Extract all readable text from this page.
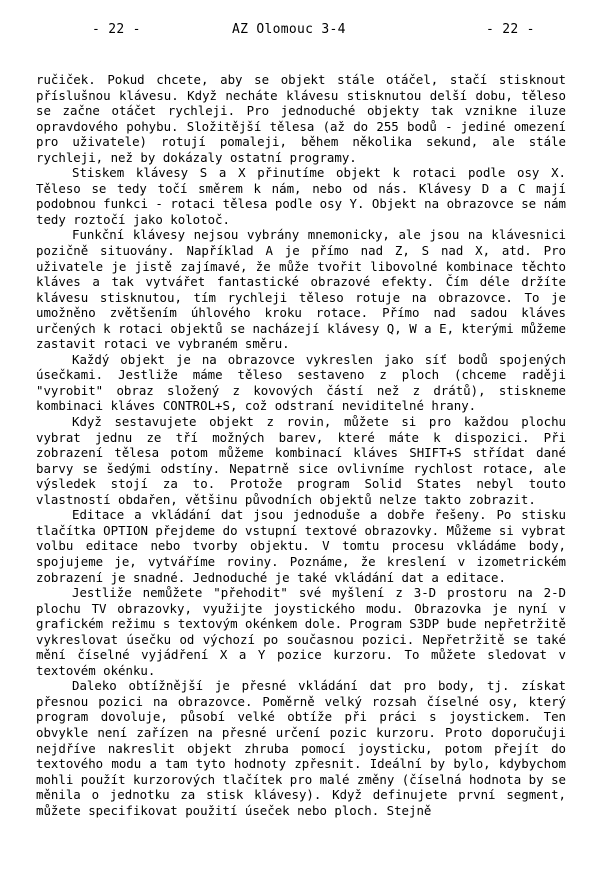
- 22 -	AZ Olomouc 3-4	- 22 -

ručiček. Pokud chcete, aby se objekt stále otáčel, stačí stisknout příslušnou klávesu. Když necháte klávesu stisknutou delší dobu, těleso se začne otáčet rychleji. Pro jednoduché objekty tak vznikne iluze opravdového pohybu. Složitější tělesa (až do 255 bodů - jediné omezení pro uživatele) rotují pomaleji, během několika sekund, ale stále rychleji, než by dokázaly ostatní programy.

Stiskem klávesy S a X přinutíme objekt k rotaci podle osy X. Těleso se tedy točí směrem k nám, nebo od nás. Klávesy D a C mají podobnou funkci - rotaci tělesa podle osy Y. Objekt na obrazovce se nám tedy roztočí jako kolotoč.

Funkční klávesy nejsou vybrány mnemonicky, ale jsou na klávesnici pozičně situovány. Například A je přímo nad Z, S nad X, atd. Pro uživatele je jistě zajímavé, že může tvořit libovolné kombinace těchto kláves a tak vytvářet fantastické obrazové efekty. Čím déle držíte klávesu stisknutou, tím rychleji těleso rotuje na obrazovce. To je umožněno zvětšením úhlového kroku rotace. Přímo nad sadou kláves určených k rotaci objektů se nacházejí klávesy Q, W a E, kterými můžeme zastavit rotaci ve vybraném směru.

Každý objekt je na obrazovce vykreslen jako síť bodů spojených úsečkami. Jestliže máme těleso sestaveno z ploch (chceme raději "vyrobit" obraz složený z kovových částí než z drátů), stiskneme kombinaci kláves CONTROL+S, což odstraní neviditelné hrany.

Když sestavujete objekt z rovin, můžete si pro každou plochu vybrat jednu ze tří možných barev, které máte k dispozici. Při zobrazení tělesa potom můžeme kombinací kláves SHIFT+S střídat dané barvy se šedými odstíny. Nepatrně sice ovlivníme rychlost rotace, ale výsledek stojí za to. Protože program Solid States nebyl touto vlastností obdařen, většinu původních objektů nelze takto zobrazit.

Editace a vkládání dat jsou jednoduše a dobře řešeny. Po stisku tlačítka OPTION přejdeme do vstupní textové obrazovky. Můžeme si vybrat volbu editace nebo tvorby objektu. V tomtu procesu vkládáme body, spojujeme je, vytváříme roviny. Poznáme, že kreslení v izometrickém zobrazení je snadné. Jednoduché je také vkládání dat a editace.

Jestliže nemůžete "přehodit" své myšlení z 3-D prostoru na 2-D plochu TV obrazovky, využijte joystického modu. Obrazovka je nyní v grafickém režimu s textovým okénkem dole. Program S3DP bude nepřetržitě vykreslovat úsečku od výchozí po současnou pozici. Nepřetržitě se také mění číselné vyjádření X a Y pozice kurzoru. To můžete sledovat v textovém okénku.

Daleko obtížnější je přesné vkládání dat pro body, tj. získat přesnou pozici na obrazovce. Poměrně velký rozsah číselné osy, který program dovoluje, působí velké obtíže při práci s joystickem. Ten obvykle není zařízen na přesné určení pozic kurzoru. Proto doporučuji nejdříve nakreslit objekt zhruba pomocí joysticku, potom přejít do textového modu a tam tyto hodnoty zpřesnit. Ideální by bylo, kdybychom mohli použít kurzorových tlačítek pro malé změny (číselná hodnota by se měnila o jednotku za stisk klávesy). Když definujete první segment, můžete specifikovat použití úseček nebo ploch. Stejně
